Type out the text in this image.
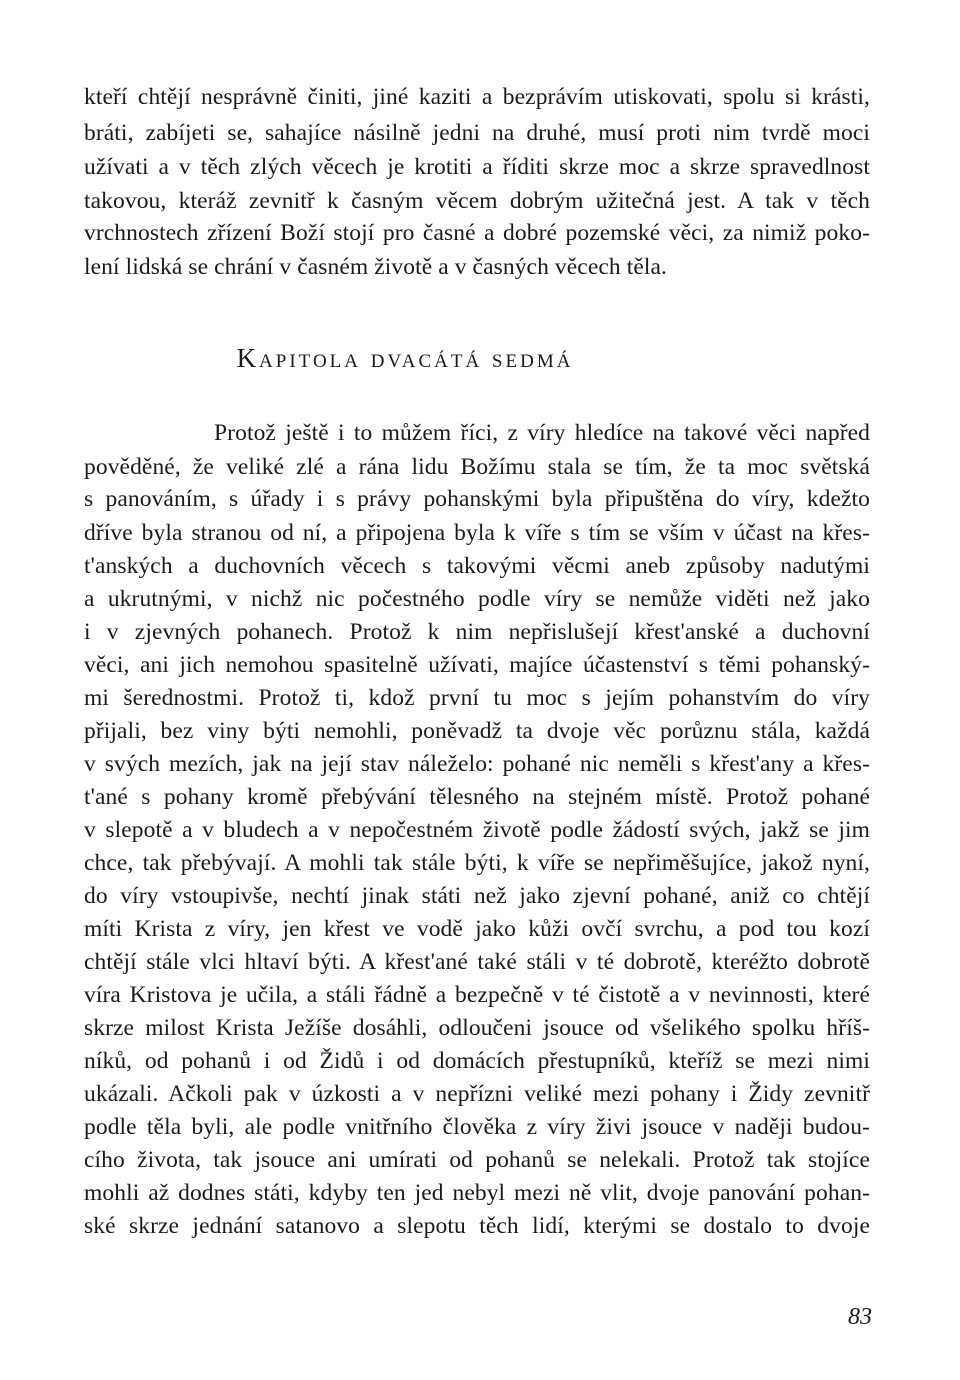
kteří chtějí nesprávně činiti, jiné kaziti a bezprávím utiskovati, spolu si krásti,
bráti, zabíjeti se, sahajíce násilně jedni na druhé, musí proti nim tvrdě moci
užívati a v těch zlých věcech je krotiti a říditi skrze moc a skrze spravedlnost
takovou, kteráž zevnitř k časným věcem dobrým užitečná jest. A tak v těch
vrchnostech zřízení Boží stojí pro časné a dobré pozemské věci, za nimiž poko-
lení lidská se chrání v časném životě a v časných věcech těla.
Kapitola dvacátá sedmá
Protož ještě i to můžem říci, z víry hledíce na takové věci napřed
pověděné, že veliké zlé a rána lidu Božímu stala se tím, že ta moc světská
s panováním, s úřady i s právy pohanskými byla připuštěna do víry, kdežto
dříve byla stranou od ní, a připojena byla k víře s tím se vším v účast na křes-
t'anských a duchovních věcech s takovými věcmi aneb způsoby nadutými
a ukrutnými, v nichž nic počestného podle víry se nemůže viděti než jako
i v zjevných pohanech. Protož k nim nepřislušejí křest'anské a duchovní
věci, ani jich nemohou spasitelně užívati, majíce účastenství s těmi pohanský-
mi šerednostmi. Protož ti, kdož první tu moc s jejím pohanstvím do víry
přijali, bez viny býti nemohli, poněvadž ta dvoje věc porůznu stála, každá
v svých mezích, jak na její stav náleželo: pohané nic neměli s křest'any a křes-
t'ané s pohany kromě přebývání tělesného na stejném místě. Protož pohané
v slepotě a v bludech a v nepočestném životě podle žádostí svých, jakž se jim
chce, tak přebývají. A mohli tak stále býti, k víře se nepřiměšujíce, jakož nyní,
do víry vstoupivše, nechtí jinak státi než jako zjevní pohané, aniž co chtějí
míti Krista z víry, jen křest ve vodě jako kůži ovčí svrchu, a pod tou kozí
chtějí stále vlci hltaví býti. A křest'ané také stáli v té dobrotě, kteréžto dobrotě
víra Kristova je učila, a stáli řádně a bezpečně v té čistotě a v nevinnosti, které
skrze milost Krista Ježíše dosáhli, odloučeni jsouce od všelikého spolku hříš-
níků, od pohanů i od Židů i od domácích přestupníků, kteříž se mezi nimi
ukázali. Ačkoli pak v úzkosti a v nepřízni veliké mezi pohany i Židy zevnitř
podle těla byli, ale podle vnitřního člověka z víry živi jsouce v naději budou-
cího života, tak jsouce ani umírati od pohanů se nelekali. Protož tak stojíce
mohli až dodnes státi, kdyby ten jed nebyl mezi ně vlit, dvoje panování pohan-
ské skrze jednání satanovo a slepotu těch lidí, kterými se dostalo to dvoje
83
